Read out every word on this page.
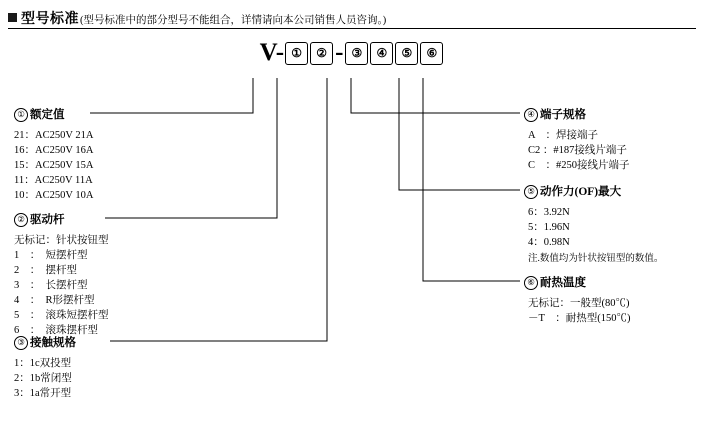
型号标准 (型号标准中的部分型号不能组合，详情请向本公司销售人员咨询。)
V- ①	② - ③	④	⑤	⑥
① 额定值
21：AC250V 21A
16：AC250V 16A
15：AC250V 15A
11：AC250V 11A
10：AC250V 10A
② 驱动杆
无标记：针状按钮型
1　：　短摆杆型
2　：　摆杆型
3　：　长摆杆型
4　：　R形摆杆型
5　：　滚珠短摆杆型
6　：　滚珠摆杆型
③ 接触规格
1：1c双投型
2：1b常闭型
3：1a常开型
④ 端子规格
A　：焊接端子
C2 ：#187接线片端子
C　：#250接线片端子
⑤ 动作力(OF)最大
6：3.92N
5：1.96N
4：0.98N
注.数值均为针状按钮型的数值。
⑥ 耐热温度
无标记：一般型(80℃)
－T　：耐热型(150℃)
